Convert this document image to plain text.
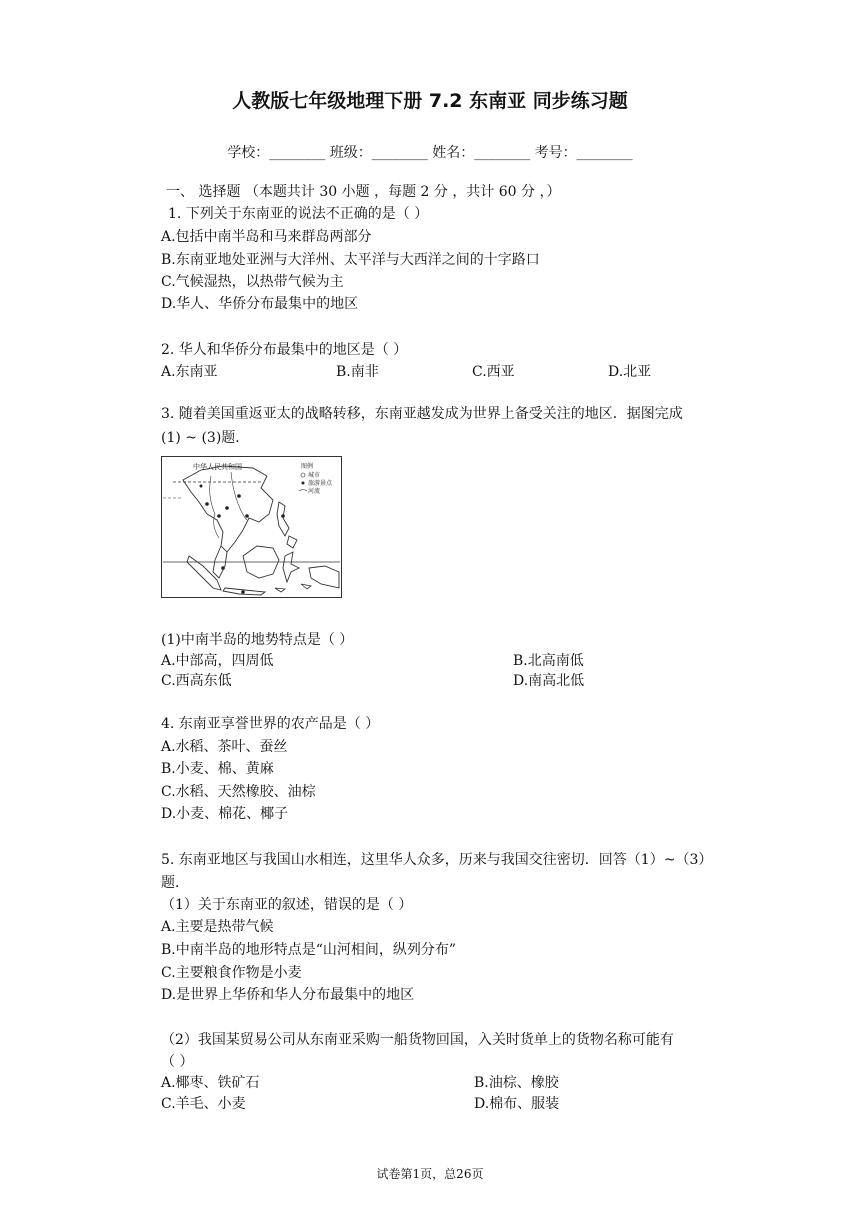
人教版七年级地理下册 7.2 东南亚 同步练习题
学校：________ 班级：________ 姓名：________ 考号：________
一、 选择题 （本题共计 30 小题 ，每题 2 分 ，共计 60 分 ，）
1. 下列关于东南亚的说法不正确的是（ ）
A.包括中南半岛和马来群岛两部分
B.东南亚地处亚洲与大洋州、太平洋与大西洋之间的十字路口
C.气候湿热，以热带气候为主
D.华人、华侨分布最集中的地区
2. 华人和华侨分布最集中的地区是（ ）
A.东南亚	B.南非	C.西亚	D.北亚
3. 随着美国重返亚太的战略转移，东南亚越发成为世界上备受关注的地区．据图完成
(1) ~ (3)题．
中华人民共和国	图例
城市
旅游景点
河流
(1)中南半岛的地势特点是（ ）
A.中部高，四周低	B.北高南低
C.西高东低	D.南高北低
4. 东南亚享誉世界的农产品是（ ）
A.水稻、茶叶、蚕丝
B.小麦、棉、黄麻
C.水稻、天然橡胶、油棕
D.小麦、棉花、椰子
5. 东南亚地区与我国山水相连，这里华人众多，历来与我国交往密切．回答（1）~（3）
题．
（1）关于东南亚的叙述，错误的是（ ）
A.主要是热带气候
B.中南半岛的地形特点是“山河相间，纵列分布”
C.主要粮食作物是小麦
D.是世界上华侨和华人分布最集中的地区
（2）我国某贸易公司从东南亚采购一船货物回国，入关时货单上的货物名称可能有
（ ）
A.椰枣、铁矿石	B.油棕、橡胶
C.羊毛、小麦	D.棉布、服装
试卷第1页，总26页
